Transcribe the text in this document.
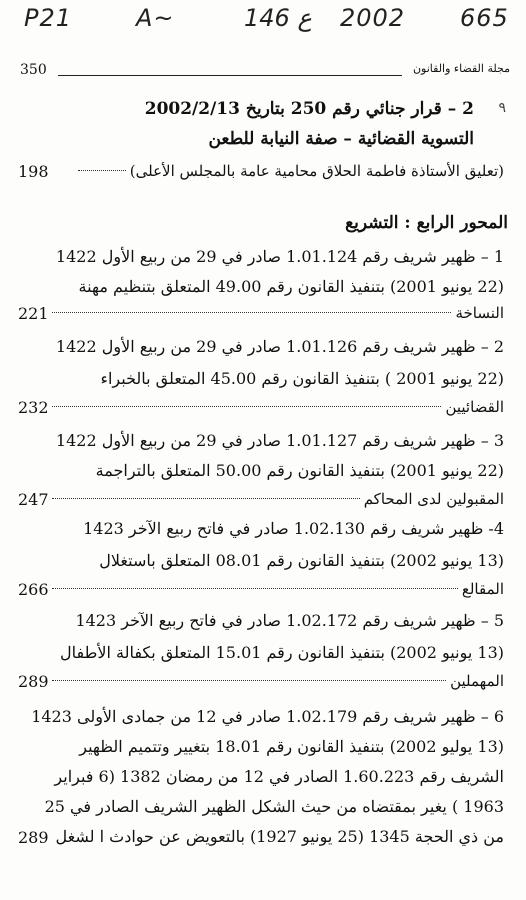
P21	A~	146 ع 2002 665
350	مجلة القضاء والقانون
٩
2 – قرار جنائي رقم 250 بتاريخ 2002/2/13
التسوية القضائية – صفة النيابة للطعن
(تعليق الأستاذة فاطمة الحلاق محامية عامة بالمجلس الأعلى)
198
المحور الرابع : التشريع
1 – ظهير شريف رقم 1.01.124 صادر في 29 من ربيع الأول 1422
(22 يونيو 2001) بتنفيذ القانون رقم 49.00 المتعلق بتنظيم مهنة
النساخة
221
2 – ظهير شريف رقم 1.01.126 صادر في 29 من ربيع الأول 1422
(22 يونيو 2001 ) بتنفيذ القانون رقم 45.00 المتعلق بالخبراء
القضائيين
232
3 – ظهير شريف رقم 1.01.127 صادر في 29 من ربيع الأول 1422
(22 يونيو 2001) بتنفيذ القانون رقم 50.00 المتعلق بالتراجمة
المقبولين لدى المحاكم
247
4- ظهير شريف رقم 1.02.130 صادر في فاتح ربيع الآخر 1423
(13 يونيو 2002) بتنفيذ القانون رقم 08.01 المتعلق باستغلال
المقالع
266
5 – ظهير شريف رقم 1.02.172 صادر في فاتح ربيع الآخر 1423
(13 يونيو 2002) بتنفيذ القانون رقم 15.01 المتعلق بكفالة الأطفال
المهملين
289
6 – ظهير شريف رقم 1.02.179 صادر في 12 من جمادى الأولى 1423
(13 يوليو 2002) بتنفيذ القانون رقم 18.01 بتغيير وتتميم الظهير
الشريف رقم 1.60.223 الصادر في 12 من رمضان 1382 (6 فبراير
1963 ) يغير بمقتضاه من حيث الشكل الظهير الشريف الصادر في 25
من ذي الحجة 1345 (25 يونيو 1927) بالتعويض عن حوادث ا لشغل
289
